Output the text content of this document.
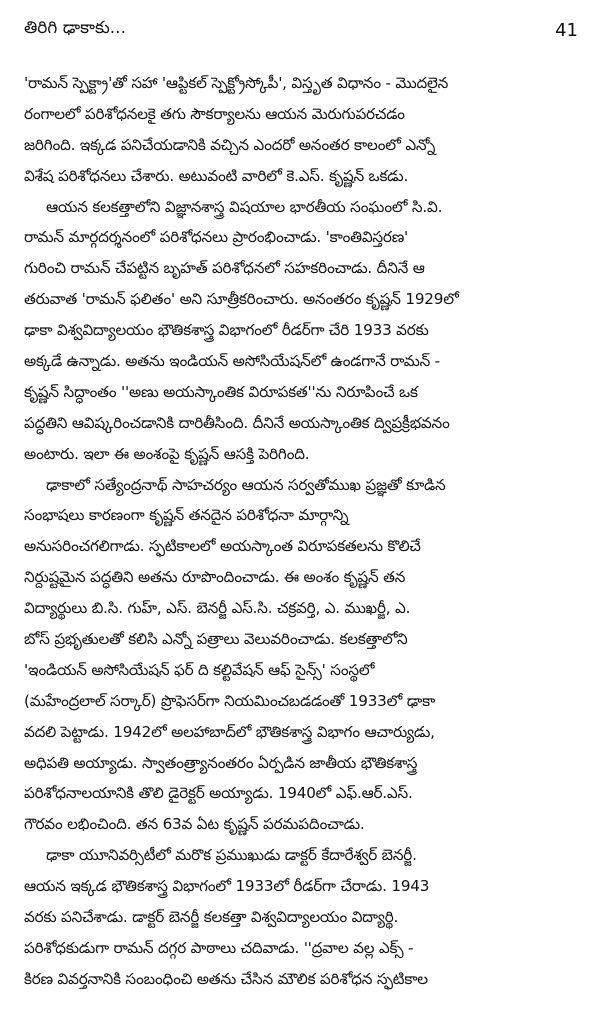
తిరిగి ఢాకాకు...	41
'రామన్ స్పెక్ట్రా'తో సహా 'ఆప్టికల్ స్పెక్ట్రోస్కోపీ', విస్తృత విధానం - మొదలైన
రంగాలలో పరిశోధనలకై తగు సౌకర్యాలను ఆయన మెరుగుపరచడం
జరిగింది. ఇక్కడ పనిచేయడానికి వచ్చిన ఎందరో అనంతర కాలంలో ఎన్నో
విశేష పరిశోధనలు చేశారు. అటువంటి వారిలో కె.ఎస్. కృష్ణన్ ఒకడు.
ఆయన కలకత్తాలోని విజ్ఞానశాస్త్ర విషయాల భారతీయ సంఘంలో సి.వి.
రామన్ మార్గదర్శనంలో పరిశోధనలు ప్రారంభించాడు. 'కాంతివిస్తరణ'
గురించి రామన్ చేపట్టిన బృహత్ పరిశోధనలో సహకరించాడు. దీనినే ఆ
తరువాత 'రామన్ ఫలితం' అని సూత్రీకరించారు. అనంతరం కృష్ణన్ 1929లో
ఢాకా విశ్వవిద్యాలయం భౌతికశాస్త్ర విభాగంలో రీడర్‌గా చేరి 1933 వరకు
అక్కడే ఉన్నాడు. అతను ఇండియన్ అసోసియేషన్‌లో ఉండగానే రామన్ -
కృష్ణన్ సిద్ధాంతం ''అణు అయస్కాంతిక విరూపకత''ను నిరూపించే ఒక
పద్ధతిని ఆవిష్కరించడానికి దారితీసింది. దీనినే అయస్కాంతిక ద్విప్రక్రీభవనం
అంటారు. ఇలా ఈ అంశంపై కృష్ణన్ ఆసక్తి పెరిగింది.
ఢాకాలో సత్యేంద్రనాథ్ సాహచర్యం ఆయన సర్వతోముఖ ప్రజ్ఞతో కూడిన
సంభాషలు కారణంగా కృష్ణన్ తనదైన పరిశోధనా మార్గాన్ని
అనుసరించగలిగాడు. స్ఫటికాలలో అయస్కాంత విరూపకతలను కొలిచే
నిర్దుష్టమైన పద్ధతిని అతను రూపొందించాడు. ఈ అంశం కృష్ణన్ తన
విద్యార్థులు బి.సి. గుహ్, ఎస్. బెనర్జీ ఎస్.సి. చక్రవర్తి, ఎ. ముఖర్జీ, ఎ.
బోస్ ప్రభృతులతో కలిసి ఎన్నో పత్రాలు వెలువరించాడు. కలకత్తాలోని
'ఇండియన్ అసోసియేషన్ ఫర్ ది కల్టివేషన్ ఆఫ్ సైన్స్' సంస్థలో
(మహేంద్రలాల్ సర్కార్) ప్రొఫెసర్‌గా నియమించబడడంతో 1933లో ఢాకా
వదలి పెట్టాడు. 1942లో అలహాబాద్‌లో భౌతికశాస్త్ర విభాగం ఆచార్యుడు,
అధిపతి అయ్యాడు. స్వాతంత్ర్యానంతరం ఏర్పడిన జాతీయ భౌతికశాస్త్ర
పరిశోధనాలయానికి తొలి డైరెక్టర్ అయ్యాడు. 1940లో ఎఫ్.ఆర్.ఎస్.
గౌరవం లభించింది. తన 63వ ఏట కృష్ణన్ పరమపదించాడు.
ఢాకా యూనివర్సిటీలో మరొక ప్రముఖుడు డాక్టర్ కేదారేశ్వర్ బెనర్జీ.
ఆయన ఇక్కడ భౌతికశాస్త్ర విభాగంలో 1933లో రీడర్‌గా చేరాడు. 1943
వరకు పనిచేశాడు. డాక్టర్ బెనర్జీ కలకత్తా విశ్వవిద్యాలయం విద్యార్థి.
పరిశోధకుడుగా రామన్ దగ్గర పాఠాలు చదివాడు. ''ద్రవాల వల్ల ఎక్స్ -
కిరణ వివర్తనానికి సంబంధించి అతను చేసిన మౌలిక పరిశోధన స్ఫటికాల
